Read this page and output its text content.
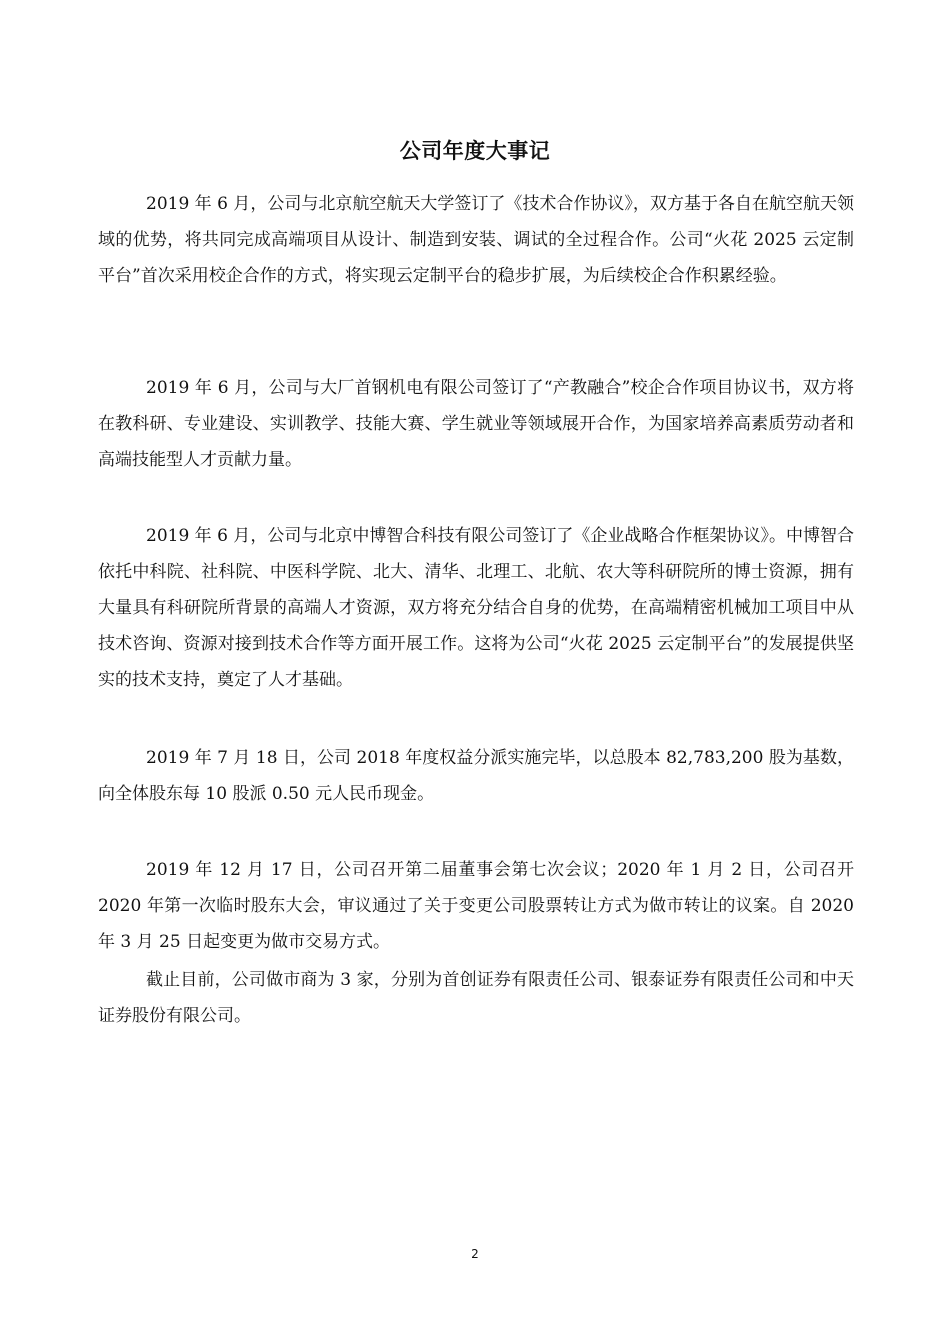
公司年度大事记

2019 年 6 月，公司与北京航空航天大学签订了《技术合作协议》，双方基于各自在航空航天领域的优势，将共同完成高端项目从设计、制造到安装、调试的全过程合作。公司“火花 2025 云定制平台”首次采用校企合作的方式，将实现云定制平台的稳步扩展，为后续校企合作积累经验。

2019 年 6 月，公司与大厂首钢机电有限公司签订了“产教融合”校企合作项目协议书，双方将在教科研、专业建设、实训教学、技能大赛、学生就业等领域展开合作，为国家培养高素质劳动者和高端技能型人才贡献力量。

2019 年 6 月，公司与北京中博智合科技有限公司签订了《企业战略合作框架协议》。中博智合依托中科院、社科院、中医科学院、北大、清华、北理工、北航、农大等科研院所的博士资源，拥有大量具有科研院所背景的高端人才资源，双方将充分结合自身的优势，在高端精密机械加工项目中从技术咨询、资源对接到技术合作等方面开展工作。这将为公司“火花 2025 云定制平台”的发展提供坚实的技术支持，奠定了人才基础。

2019 年 7 月 18 日，公司 2018 年度权益分派实施完毕，以总股本 82,783,200 股为基数，向全体股东每 10 股派 0.50 元人民币现金。

2019 年 12 月 17 日，公司召开第二届董事会第七次会议；2020 年 1 月 2 日，公司召开 2020 年第一次临时股东大会，审议通过了关于变更公司股票转让方式为做市转让的议案。自 2020 年 3 月 25 日起变更为做市交易方式。

截止目前，公司做市商为 3 家，分别为首创证券有限责任公司、银泰证券有限责任公司和中天证券股份有限公司。

2
